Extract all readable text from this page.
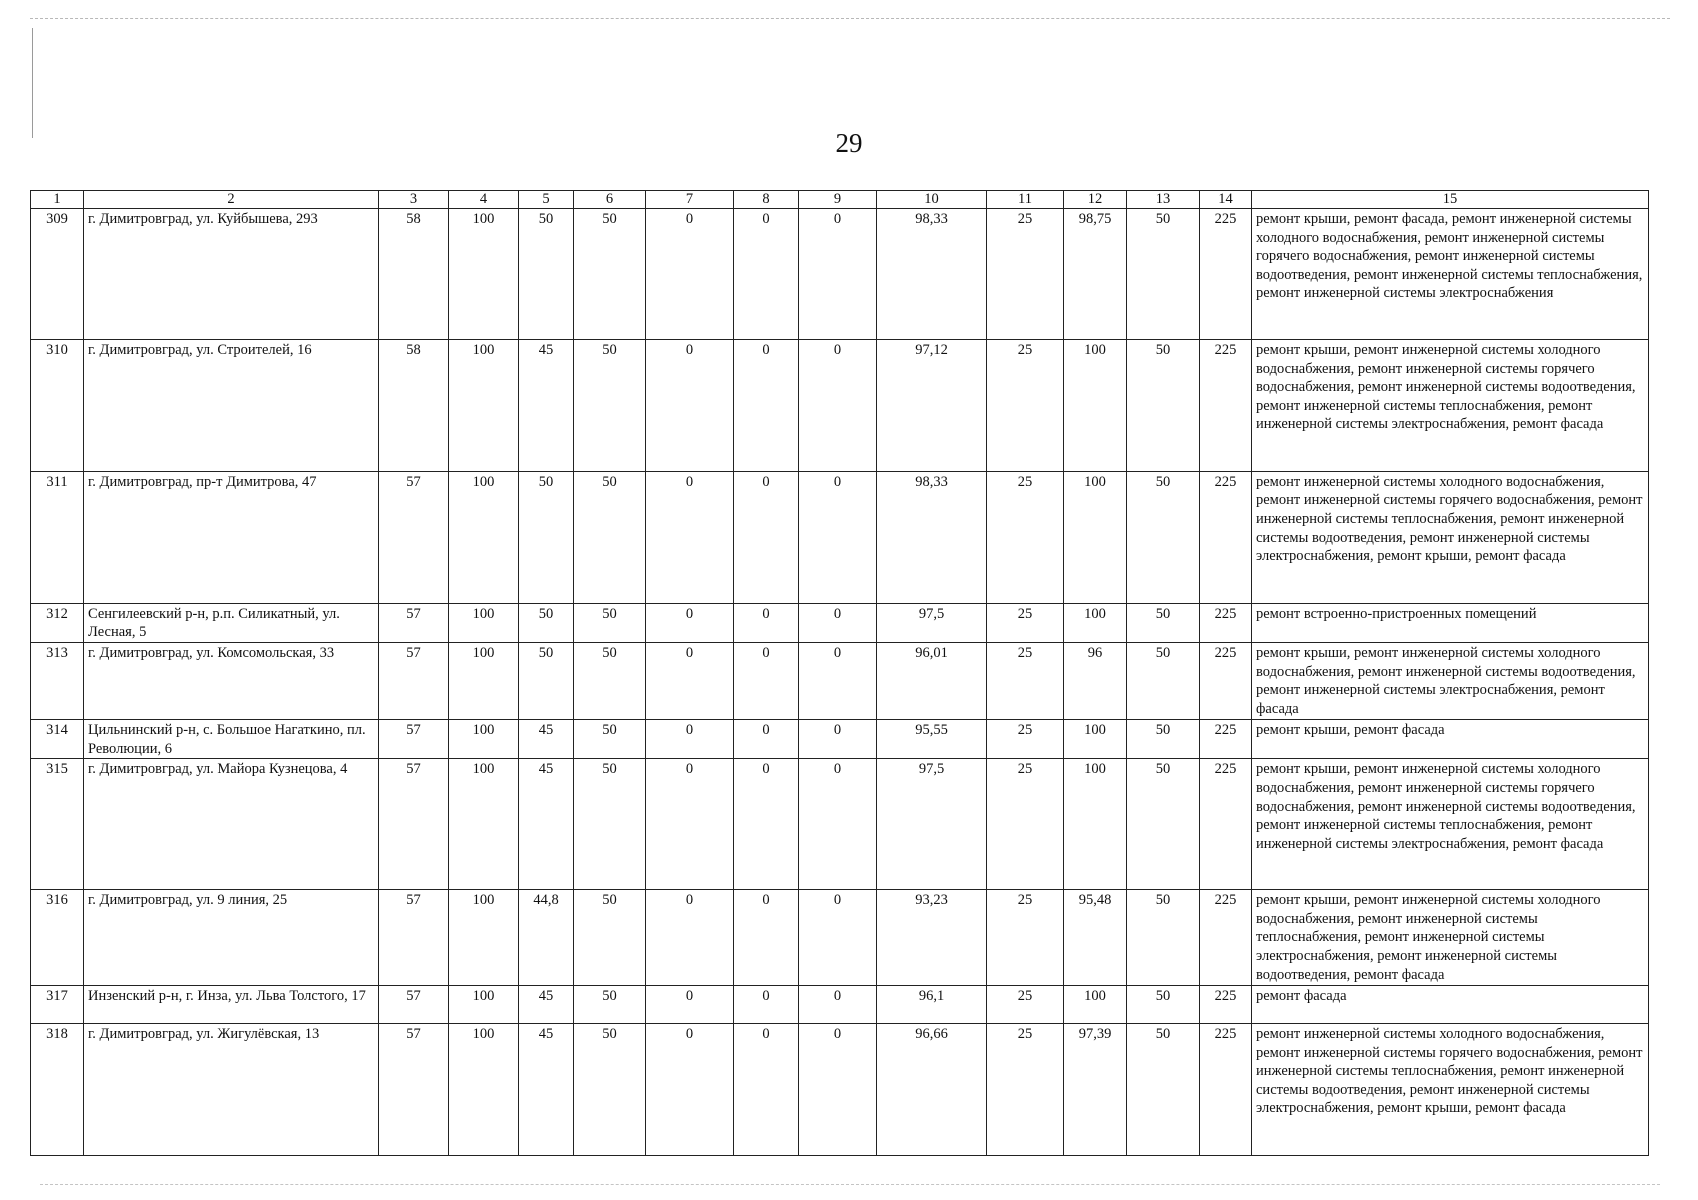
29
1	2	3	4	5	6	7	8	9	10	11	12	13	14	15
309	г. Димитровград, ул. Куйбышева, 293	58	100	50	50	0	0	0	98,33	25	98,75	50	225	ремонт крыши, ремонт фасада, ремонт инженерной системы холодного водоснабжения, ремонт инженерной системы горячего водоснабжения, ремонт инженерной системы водоотведения, ремонт инженерной системы теплоснабжения, ремонт инженерной системы электроснабжения
310	г. Димитровград, ул. Строителей, 16	58	100	45	50	0	0	0	97,12	25	100	50	225	ремонт крыши, ремонт инженерной системы холодного водоснабжения, ремонт инженерной системы горячего водоснабжения, ремонт инженерной системы водоотведения, ремонт инженерной системы теплоснабжения, ремонт инженерной системы электроснабжения, ремонт фасада
311	г. Димитровград, пр-т Димитрова, 47	57	100	50	50	0	0	0	98,33	25	100	50	225	ремонт инженерной системы холодного водоснабжения, ремонт инженерной системы горячего водоснабжения, ремонт инженерной системы теплоснабжения, ремонт инженерной системы водоотведения, ремонт инженерной системы электроснабжения, ремонт крыши, ремонт фасада
312	Сенгилеевский р-н, р.п. Силикатный, ул. Лесная, 5	57	100	50	50	0	0	0	97,5	25	100	50	225	ремонт встроенно-пристроенных помещений
313	г. Димитровград, ул. Комсомольская, 33	57	100	50	50	0	0	0	96,01	25	96	50	225	ремонт крыши, ремонт инженерной системы холодного водоснабжения, ремонт инженерной системы водоотведения, ремонт инженерной системы электроснабжения, ремонт фасада
314	Цильнинский р-н, с. Большое Нагаткино, пл. Революции, 6	57	100	45	50	0	0	0	95,55	25	100	50	225	ремонт крыши, ремонт фасада
315	г. Димитровград, ул. Майора Кузнецова, 4	57	100	45	50	0	0	0	97,5	25	100	50	225	ремонт крыши, ремонт инженерной системы холодного водоснабжения, ремонт инженерной системы горячего водоснабжения, ремонт инженерной системы водоотведения, ремонт инженерной системы теплоснабжения, ремонт инженерной системы электроснабжения, ремонт фасада
316	г. Димитровград, ул. 9 линия, 25	57	100	44,8	50	0	0	0	93,23	25	95,48	50	225	ремонт крыши, ремонт инженерной системы холодного водоснабжения, ремонт инженерной системы теплоснабжения, ремонт инженерной системы электроснабжения, ремонт инженерной системы водоотведения, ремонт фасада
317	Инзенский р-н, г. Инза, ул. Льва Толстого, 17	57	100	45	50	0	0	0	96,1	25	100	50	225	ремонт фасада
318	г. Димитровград, ул. Жигулёвская, 13	57	100	45	50	0	0	0	96,66	25	97,39	50	225	ремонт инженерной системы холодного водоснабжения, ремонт инженерной системы горячего водоснабжения, ремонт инженерной системы теплоснабжения, ремонт инженерной системы водоотведения, ремонт инженерной системы электроснабжения, ремонт крыши, ремонт фасада
